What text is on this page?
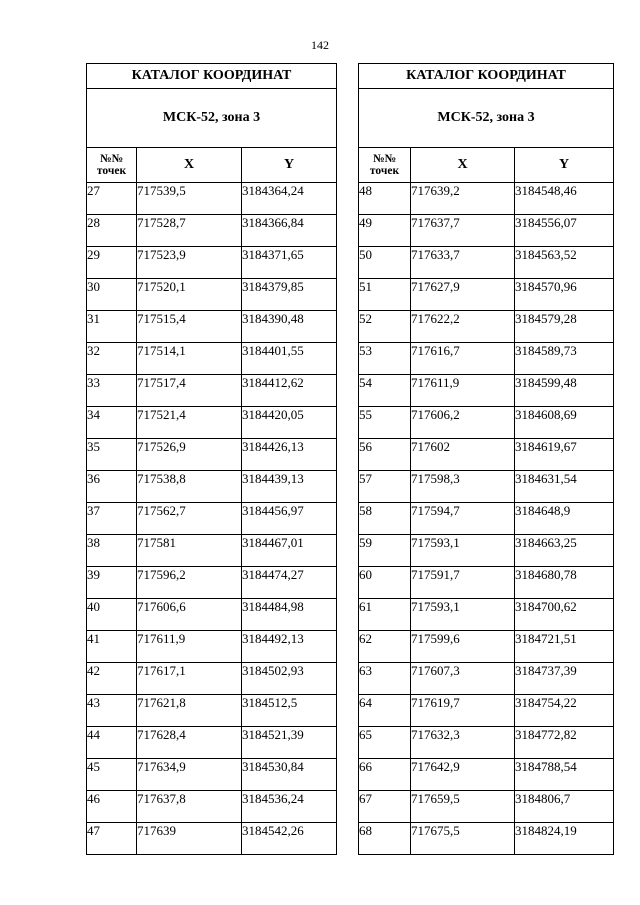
142
КАТАЛОГ КООРДИНАТ		
МСК-52, зона 3		
№№ точек	X	Y
27	717539,5	3184364,24
28	717528,7	3184366,84
29	717523,9	3184371,65
30	717520,1	3184379,85
31	717515,4	3184390,48
32	717514,1	3184401,55
33	717517,4	3184412,62
34	717521,4	3184420,05
35	717526,9	3184426,13
36	717538,8	3184439,13
37	717562,7	3184456,97
38	717581	3184467,01
39	717596,2	3184474,27
40	717606,6	3184484,98
41	717611,9	3184492,13
42	717617,1	3184502,93
43	717621,8	3184512,5
44	717628,4	3184521,39
45	717634,9	3184530,84
46	717637,8	3184536,24
47	717639	3184542,26
КАТАЛОГ КООРДИНАТ		
МСК-52, зона 3		
№№ точек	X	Y
48	717639,2	3184548,46
49	717637,7	3184556,07
50	717633,7	3184563,52
51	717627,9	3184570,96
52	717622,2	3184579,28
53	717616,7	3184589,73
54	717611,9	3184599,48
55	717606,2	3184608,69
56	717602	3184619,67
57	717598,3	3184631,54
58	717594,7	3184648,9
59	717593,1	3184663,25
60	717591,7	3184680,78
61	717593,1	3184700,62
62	717599,6	3184721,51
63	717607,3	3184737,39
64	717619,7	3184754,22
65	717632,3	3184772,82
66	717642,9	3184788,54
67	717659,5	3184806,7
68	717675,5	3184824,19
